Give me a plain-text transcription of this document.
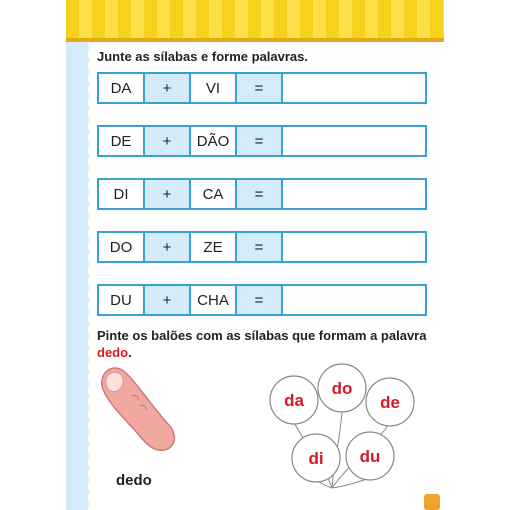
Junte as sílabas e forme palavras.

DA	+	VI	=
DE	+	DÃO	=
DI	+	CA	=
DO	+	ZE	=
DU	+	CHA	=

Pinte os balões com as sílabas que formam a palavra
dedo.

dedo
da
do
de
di du
